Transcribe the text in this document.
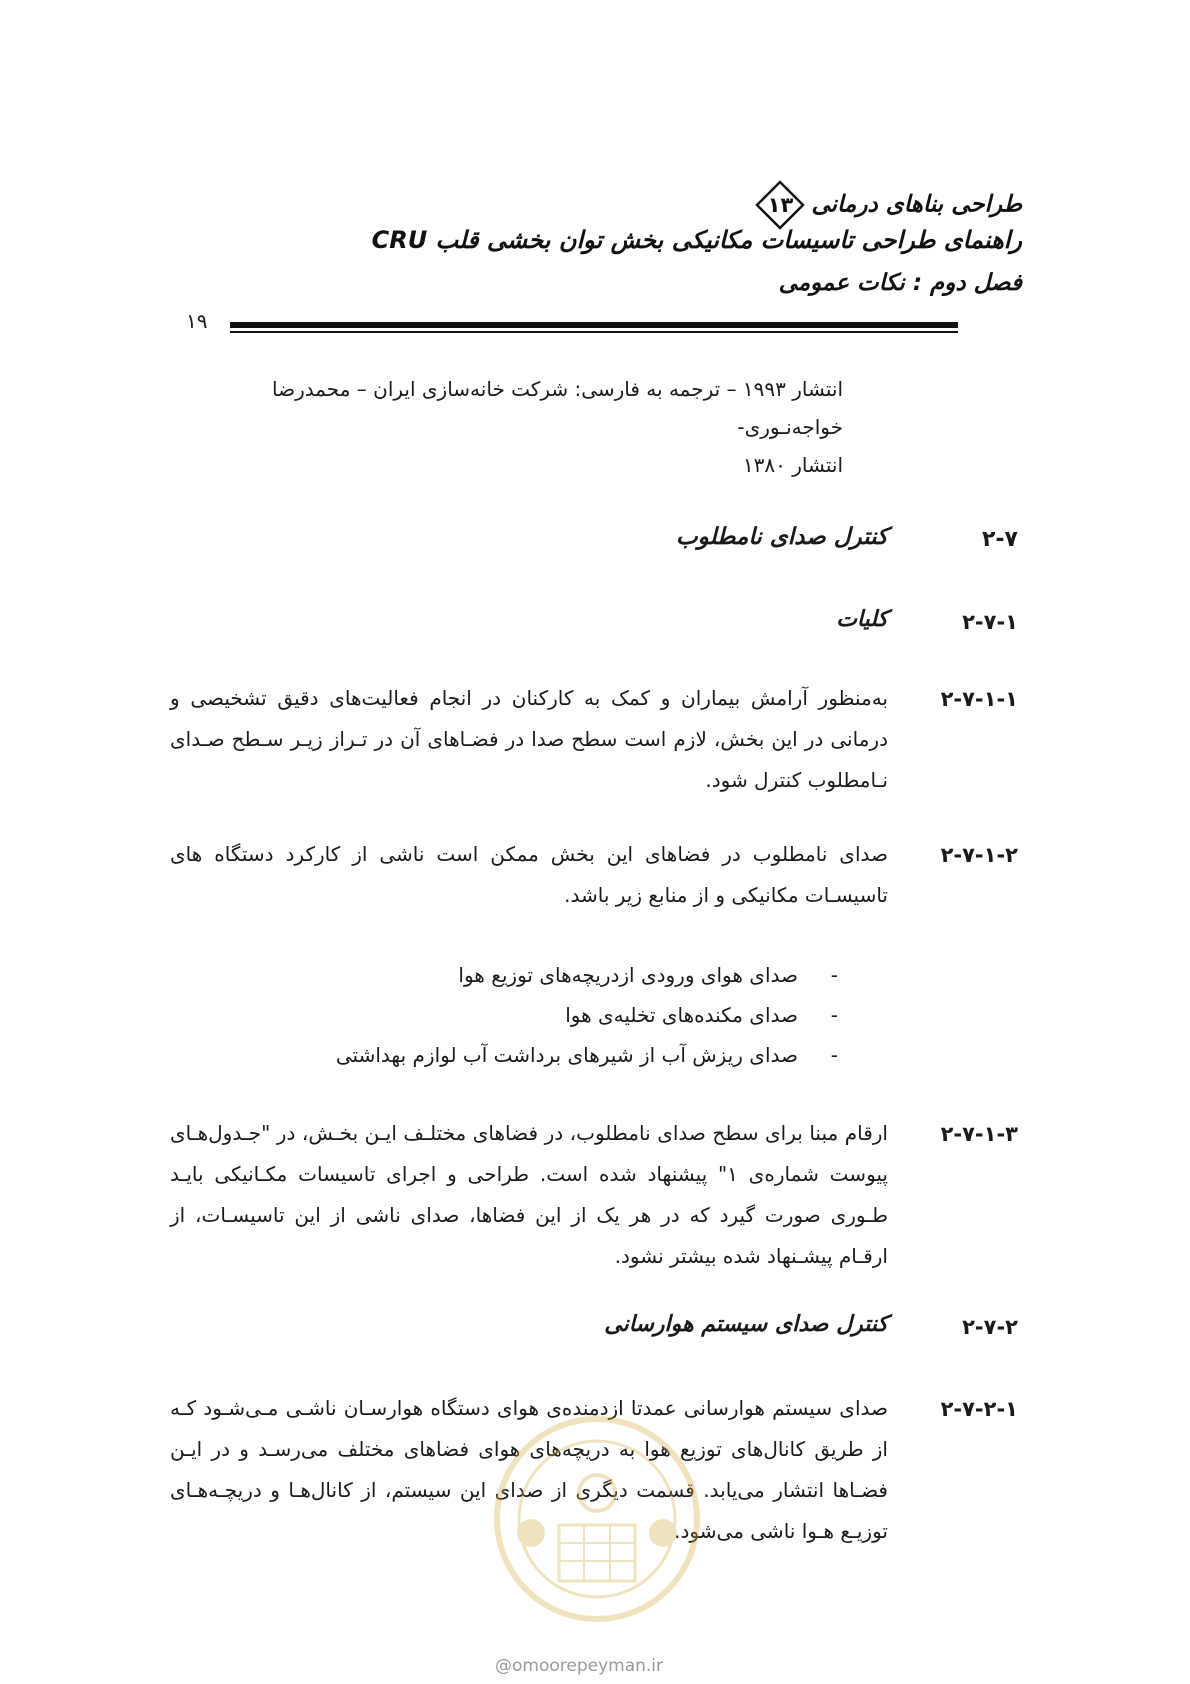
طراحی بناهای درمانی
۱۳
راهنمای طراحی تاسیسات مکانیکی بخش توان بخشی قلب CRU
فصل دوم : نکات عمومی
۱۹
انتشار ۱۹۹۳ – ترجمه به فارسی: شرکت خانه‌سازی ایران – محمدرضا خواجه‌نـوری-
انتشار ۱۳۸۰
۲-۷
کنترل صدای نامطلوب
۲-۷-۱
کلیات
۲-۷-۱-۱
به‌منظور آرامش بیماران و کمک به کارکنان در انجام فعالیت‌های دقیق تشخیصی و درمانی در این بخش، لازم است سطح صدا در فضـاهای آن در تـراز زیـر سـطح صـدای نـامطلوب کنترل شود.
۲-۷-۱-۲
صدای نامطلوب در فضاهای این بخش ممکن است ناشی از کارکرد دستگاه های تاسیسـات مکانیکی و از منابع زیر باشد.
-صدای هوای ورودی ازدریچه‌های توزیع هوا
-صدای مکنده‌های تخلیه‌ی هوا
-صدای ریزش آب از شیرهای برداشت آب لوازم بهداشتی
۲-۷-۱-۳
ارقام مبنا برای سطح صدای نامطلوب، در فضاهای مختلـف ایـن بخـش، در "جـدول‌هـای پیوست شماره‌ی ۱" پیشنهاد شده است. طراحی و اجرای تاسیسات مکـانیکی بایـد طـوری صورت گیرد که در هر یک از این فضاها، صدای ناشی از این تاسیسـات، از ارقـام پیشـنهاد شده بیشتر نشود.
۲-۷-۲
کنترل صدای سیستم هوارسانی
۲-۷-۲-۱
صدای سیستم هوارسانی عمدتا ازدمنده‌ی هوای دستگاه هوارسـان ناشـی مـی‌شـود کـه از طریق کانال‌های توزیع هوا به دریچه‌های هوای فضاهای مختلف می‌رسـد و در ایـن فضـاها انتشار می‌یابد. قسمت دیگری از صدای این سیستم، از کانال‌هـا و دریچـه‌هـای توزیـع هـوا ناشی می‌شود.
@omoorepeyman.ir
